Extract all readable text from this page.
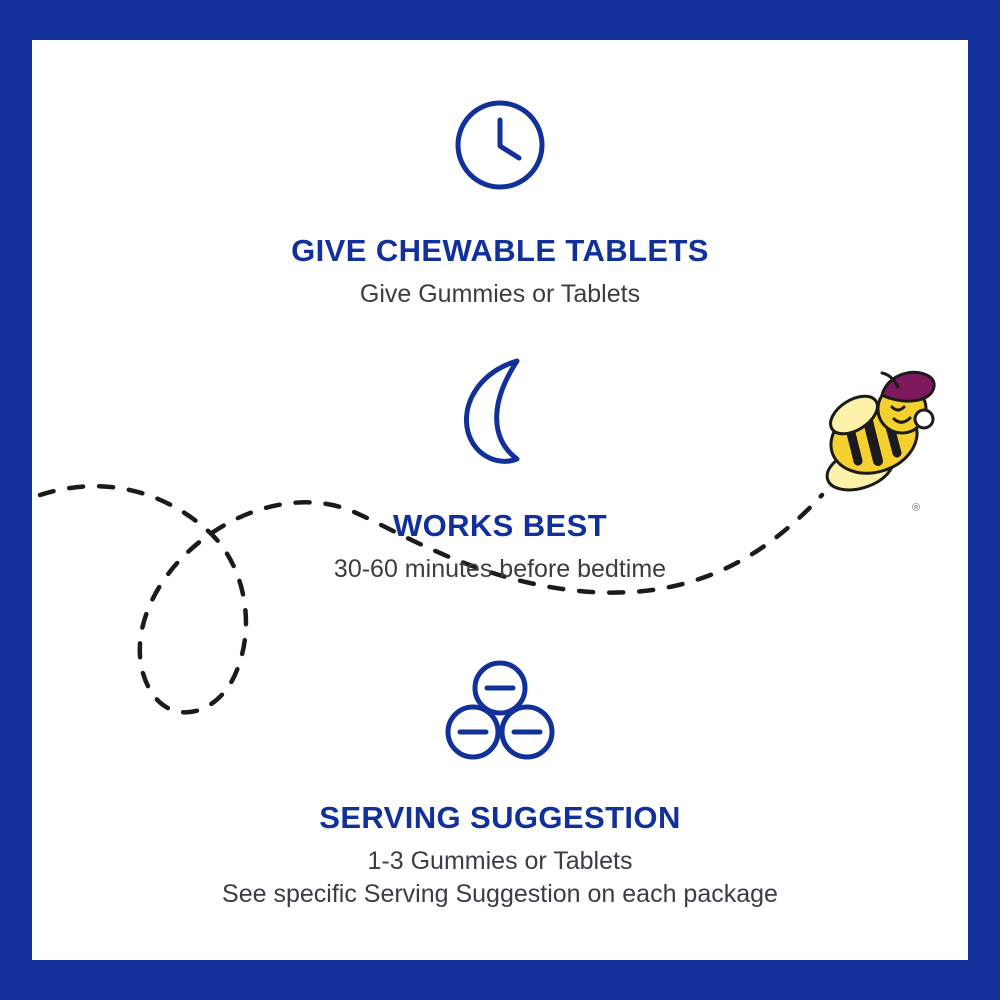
GIVE CHEWABLE TABLETS

Give Gummies or Tablets

WORKS BEST

30-60 minutes before bedtime

SERVING SUGGESTION

1-3 Gummies or Tablets

See specific Serving Suggestion on each package

®
